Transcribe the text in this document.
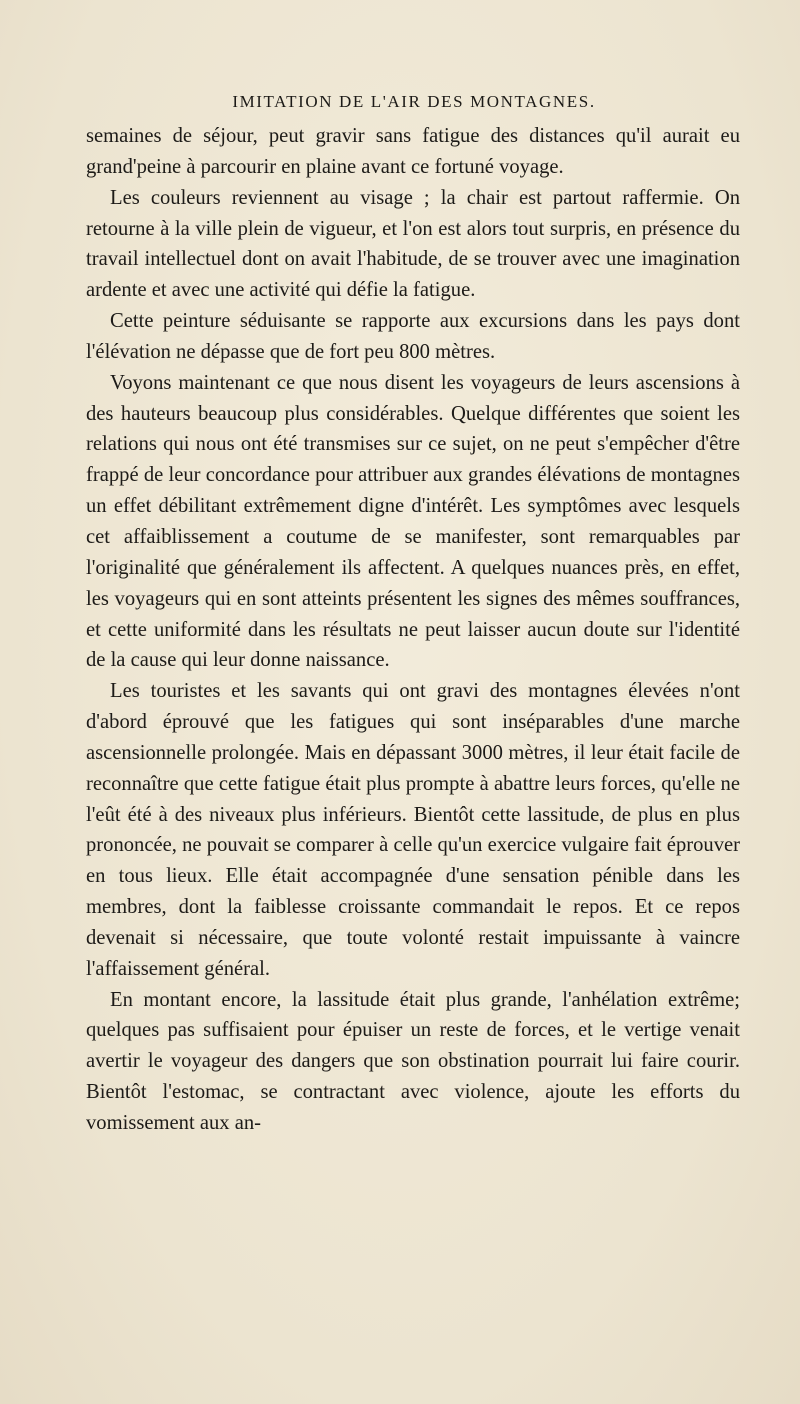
IMITATION DE L'AIR DES MONTAGNES.

semaines de séjour, peut gravir sans fatigue des distances qu'il aurait eu grand'peine à parcourir en plaine avant ce fortuné voyage.

Les couleurs reviennent au visage ; la chair est partout raffermie. On retourne à la ville plein de vigueur, et l'on est alors tout surpris, en présence du travail intellectuel dont on avait l'habitude, de se trouver avec une imagination ardente et avec une activité qui défie la fatigue.

Cette peinture séduisante se rapporte aux excursions dans les pays dont l'élévation ne dépasse que de fort peu 800 mètres.

Voyons maintenant ce que nous disent les voyageurs de leurs ascensions à des hauteurs beaucoup plus considérables. Quelque différentes que soient les relations qui nous ont été transmises sur ce sujet, on ne peut s'empêcher d'être frappé de leur concordance pour attribuer aux grandes élévations de montagnes un effet débilitant extrêmement digne d'intérêt. Les symptômes avec lesquels cet affaiblissement a coutume de se manifester, sont remarquables par l'originalité que généralement ils affectent. A quelques nuances près, en effet, les voyageurs qui en sont atteints présentent les signes des mêmes souffrances, et cette uniformité dans les résultats ne peut laisser aucun doute sur l'identité de la cause qui leur donne naissance.

Les touristes et les savants qui ont gravi des montagnes élevées n'ont d'abord éprouvé que les fatigues qui sont inséparables d'une marche ascensionnelle prolongée. Mais en dépassant 3000 mètres, il leur était facile de reconnaître que cette fatigue était plus prompte à abattre leurs forces, qu'elle ne l'eût été à des niveaux plus inférieurs. Bientôt cette lassitude, de plus en plus prononcée, ne pouvait se comparer à celle qu'un exercice vulgaire fait éprouver en tous lieux. Elle était accompagnée d'une sensation pénible dans les membres, dont la faiblesse croissante commandait le repos. Et ce repos devenait si nécessaire, que toute volonté restait impuissante à vaincre l'affaissement général.

En montant encore, la lassitude était plus grande, l'anhélation extrême; quelques pas suffisaient pour épuiser un reste de forces, et le vertige venait avertir le voyageur des dangers que son obstination pourrait lui faire courir. Bientôt l'estomac, se contractant avec violence, ajoute les efforts du vomissement aux an-
